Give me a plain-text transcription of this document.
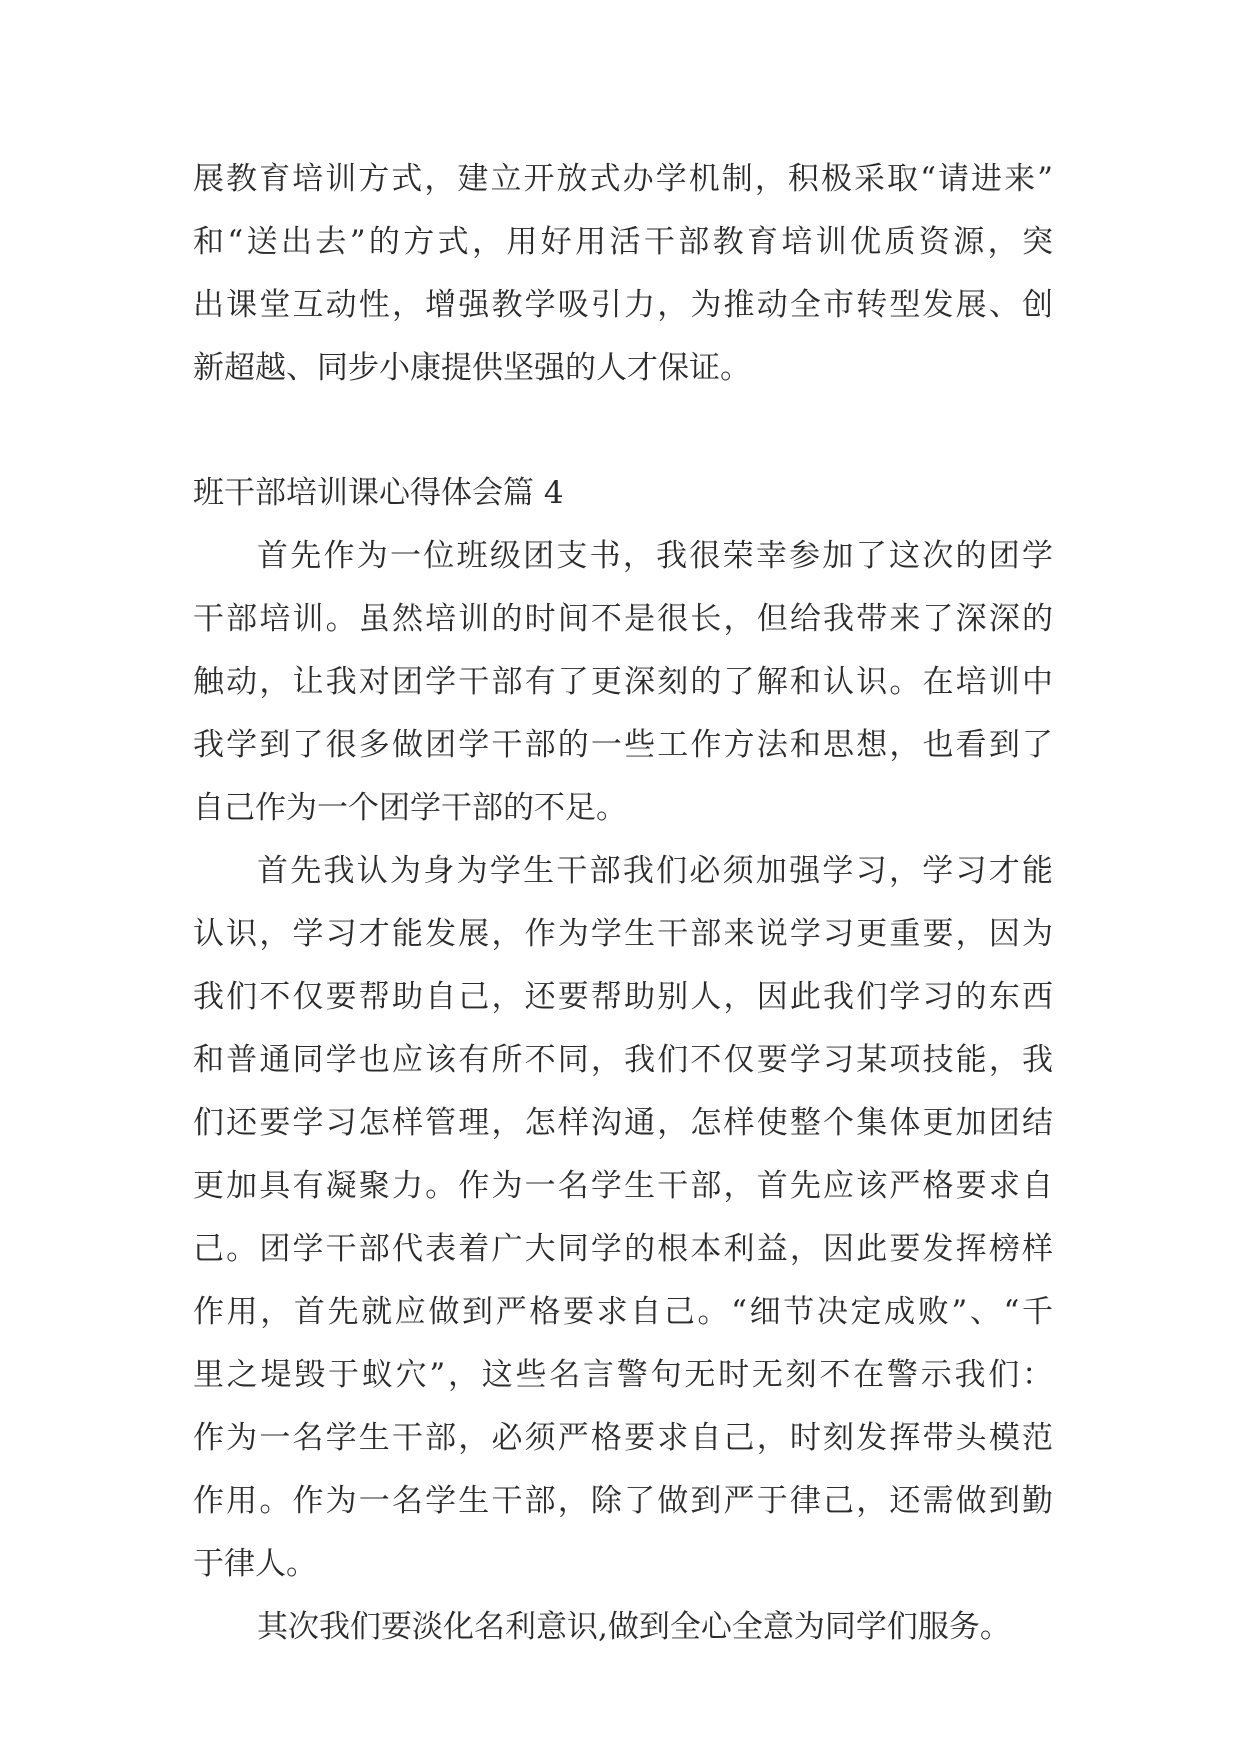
展教育培训方式，建立开放式办学机制，积极采取“请进来”
和“送出去”的方式，用好用活干部教育培训优质资源，突
出课堂互动性，增强教学吸引力，为推动全市转型发展、创
新超越、同步小康提供坚强的人才保证。
班干部培训课心得体会篇 4
首先作为一位班级团支书，我很荣幸参加了这次的团学
干部培训。虽然培训的时间不是很长，但给我带来了深深的
触动，让我对团学干部有了更深刻的了解和认识。在培训中
我学到了很多做团学干部的一些工作方法和思想，也看到了
自己作为一个团学干部的不足。
首先我认为身为学生干部我们必须加强学习，学习才能
认识，学习才能发展，作为学生干部来说学习更重要，因为
我们不仅要帮助自己，还要帮助别人，因此我们学习的东西
和普通同学也应该有所不同，我们不仅要学习某项技能，我
们还要学习怎样管理，怎样沟通，怎样使整个集体更加团结
更加具有凝聚力。作为一名学生干部，首先应该严格要求自
己。团学干部代表着广大同学的根本利益，因此要发挥榜样
作用，首先就应做到严格要求自己。“细节决定成败”、“千
里之堤毁于蚁穴”，这些名言警句无时无刻不在警示我们：
作为一名学生干部，必须严格要求自己，时刻发挥带头模范
作用。作为一名学生干部，除了做到严于律己，还需做到勤
于律人。
其次我们要淡化名利意识,做到全心全意为同学们服务。
